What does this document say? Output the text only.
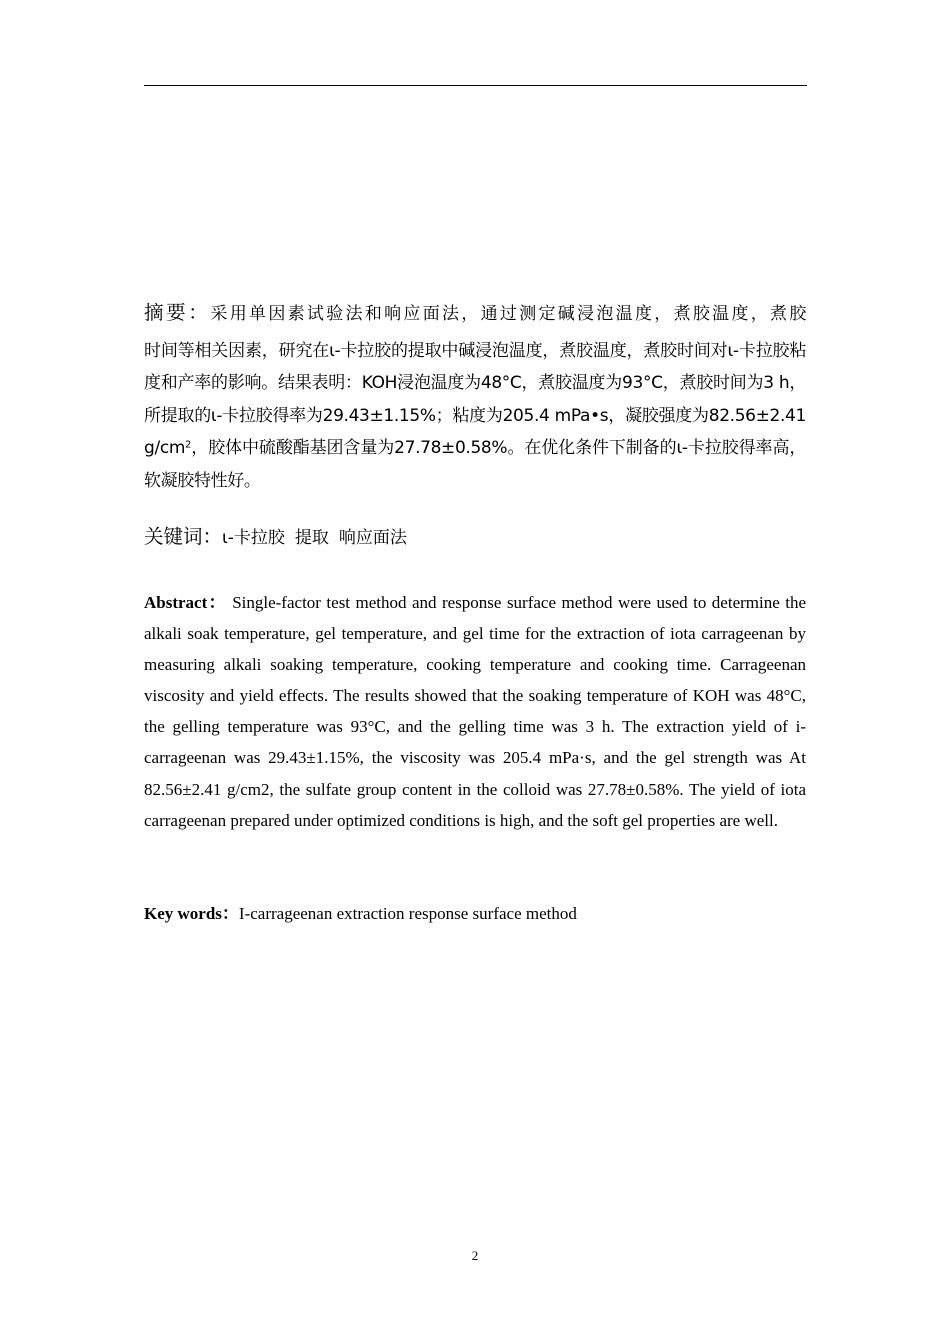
摘要：采用单因素试验法和响应面法，通过测定碱浸泡温度，煮胶温度，煮胶
时间等相关因素，研究在ι-卡拉胶的提取中碱浸泡温度，煮胶温度，煮胶时间对ι-卡拉胶粘度和产率的影响。结果表明：KOH浸泡温度为48°C，煮胶温度为93°C，煮胶时间为3 h，所提取的ι-卡拉胶得率为29.43±1.15%；粘度为205.4 mPa•s，凝胶强度为82.56±2.41 $g/cm^2$，胶体中硫酸酯基团含量为27.78±0.58%。在优化条件下制备的ι-卡拉胶得率高，软凝胶特性好。
关键词：ι-卡拉胶 提取 响应面法
Abstract： Single-factor test method and response surface method were used to determine the alkali soak temperature, gel temperature, and gel time for the extraction of iota carrageenan by measuring alkali soaking temperature, cooking temperature and cooking time. Carrageenan viscosity and yield effects. The results showed that the soaking temperature of KOH was 48°C, the gelling temperature was 93°C, and the gelling time was 3 h. The extraction yield of i-carrageenan was 29.43±1.15%, the viscosity was 205.4 mPa·s, and the gel strength was At 82.56±2.41 g/cm2, the sulfate group content in the colloid was 27.78±0.58%. The yield of iota carrageenan prepared under optimized conditions is high, and the soft gel properties are well.
Key words：I-carrageenan extraction response surface method
2
